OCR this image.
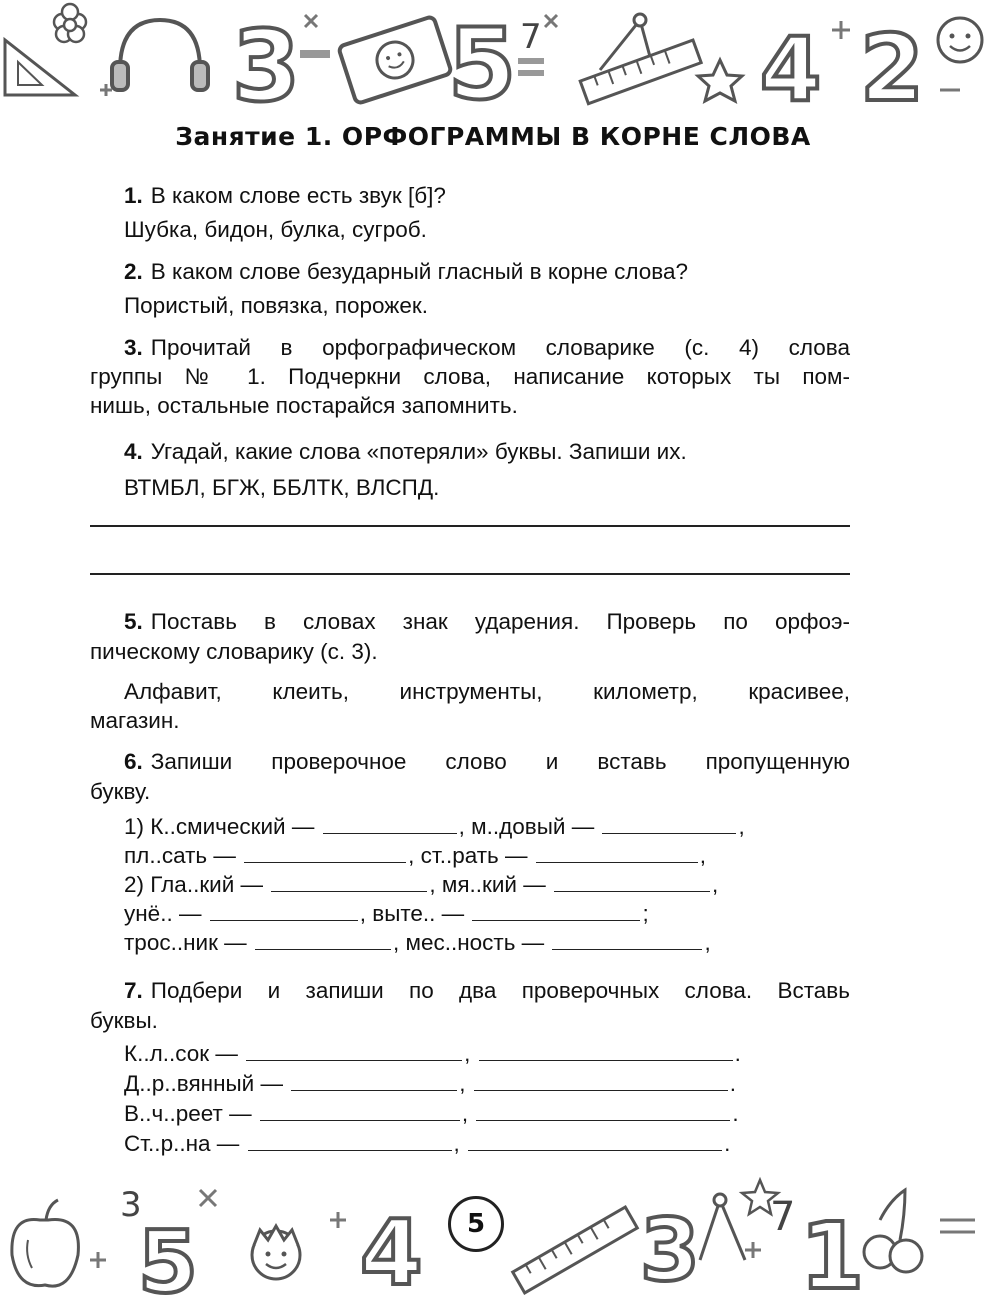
3 5 7 4 2
Занятие 1. ОРФОГРАММЫ В КОРНЕ СЛОВА
1. В каком слове есть звук [б]?
Шубка, бидон, булка, сугроб.
2. В каком слове безударный гласный в корне слова?
Пористый, повязка, порожек.
3. Прочитай в орфографическом словарике (с. 4) слова
группы № 1. Подчеркни слова, написание которых ты пом-
нишь, остальные постарайся запомнить.
4. Угадай, какие слова «потеряли» буквы. Запиши их.
ВТМБЛ, БГЖ, ББЛТК, ВЛСПД.
5. Поставь в словах знак ударения. Проверь по орфоэ-
пическому словарику (с. 3).
Алфавит, клеить, инструменты, километр, красивее,
магазин.
6. Запиши проверочное слово и вставь пропущенную
букву.
1) К..смический —	, м..довый —	,
пл..сать —	, ст..рать —	,
2) Гла..кий —	, мя..кий —	,
унё.. —	, выте.. —	;
трос..ник —	, мес..ность —	,
7. Подбери и запиши по два проверочных слова. Вставь
буквы.
К..л..сок —	,	.
Д..р..вянный —	,	.
В..ч..реет —	,	.
Ст..р..на —	,	.
5
3 4	3 7 1
5
